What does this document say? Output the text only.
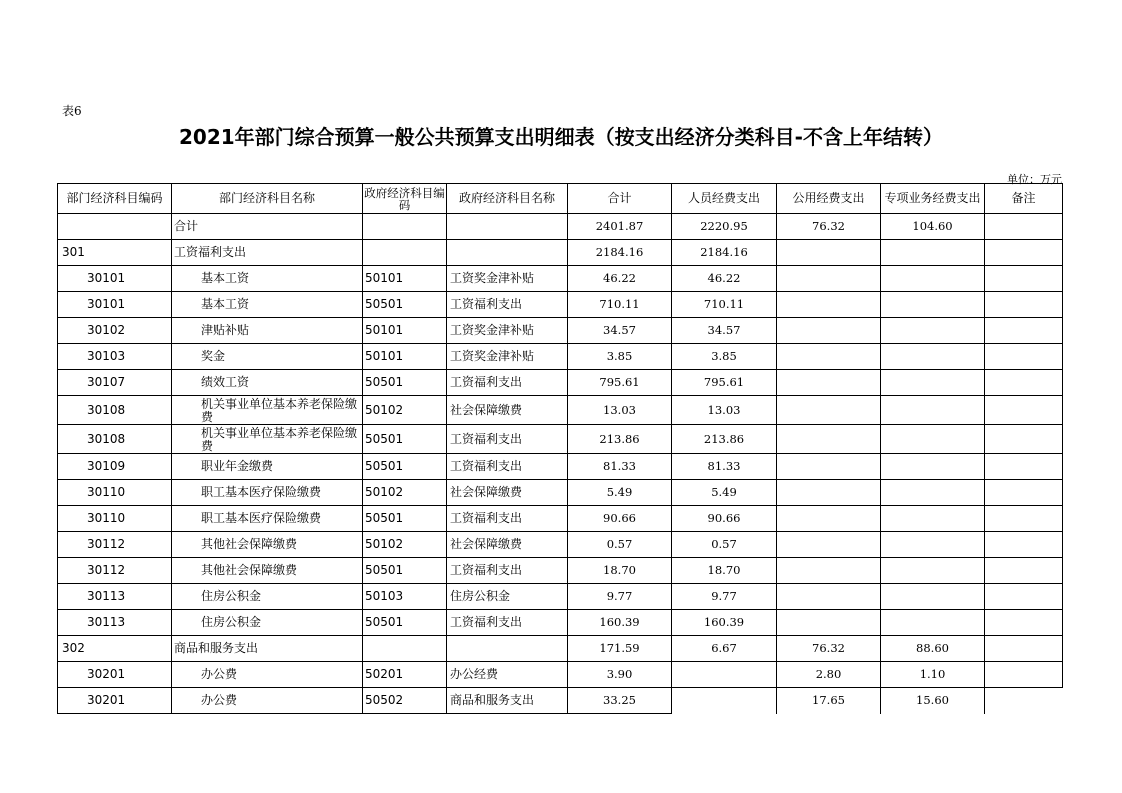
表6
2021年部门综合预算一般公共预算支出明细表（按支出经济分类科目-不含上年结转）
单位：万元
部门经济科目编码	部门经济科目名称	政府经济科目编码	政府经济科目名称	合计	人员经费支出	公用经费支出	专项业务经费支出	备注
	合计			2401.87	2220.95	76.32	104.60	
301	工资福利支出			2184.16	2184.16			
30101	基本工资	50101	工资奖金津补贴	46.22	46.22			
30101	基本工资	50501	工资福利支出	710.11	710.11			
30102	津贴补贴	50101	工资奖金津补贴	34.57	34.57			
30103	奖金	50101	工资奖金津补贴	3.85	3.85			
30107	绩效工资	50501	工资福利支出	795.61	795.61			
30108	机关事业单位基本养老保险缴费	50102	社会保障缴费	13.03	13.03			
30108	机关事业单位基本养老保险缴费	50501	工资福利支出	213.86	213.86			
30109	职业年金缴费	50501	工资福利支出	81.33	81.33			
30110	职工基本医疗保险缴费	50102	社会保障缴费	5.49	5.49			
30110	职工基本医疗保险缴费	50501	工资福利支出	90.66	90.66			
30112	其他社会保障缴费	50102	社会保障缴费	0.57	0.57			
30112	其他社会保障缴费	50501	工资福利支出	18.70	18.70			
30113	住房公积金	50103	住房公积金	9.77	9.77			
30113	住房公积金	50501	工资福利支出	160.39	160.39			
302	商品和服务支出			171.59	6.67	76.32	88.60	
30201	办公费	50201	办公经费	3.90		2.80	1.10	
30201	办公费	50502	商品和服务支出	33.25		17.65	15.60	
